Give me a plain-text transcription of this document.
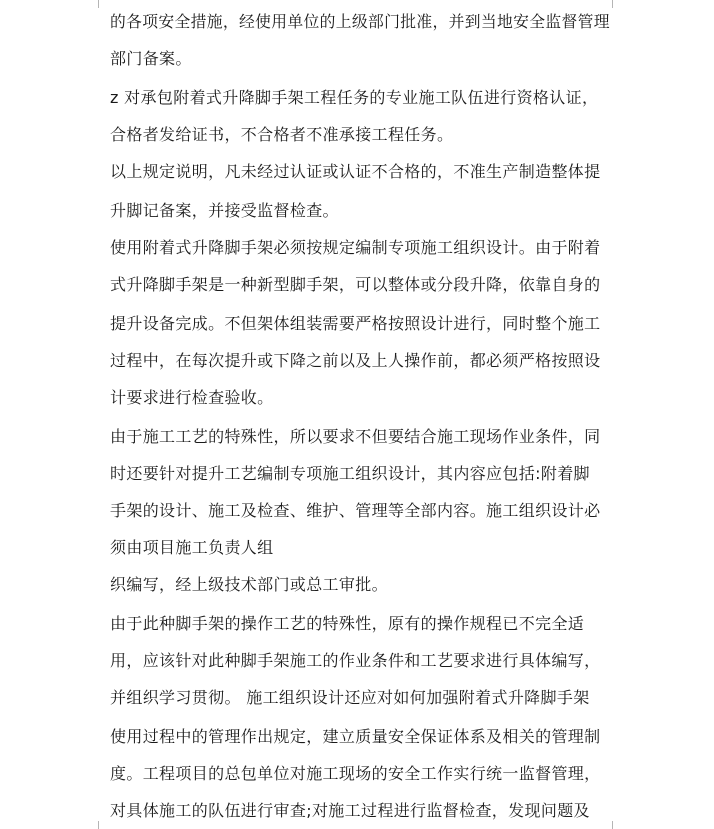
的各项安全措施，经使用单位的上级部门批准，并到当地安全监督管理
部门备案。
z 对承包附着式升降脚手架工程任务的专业施工队伍进行资格认证，
合格者发给证书，不合格者不准承接工程任务。
以上规定说明，凡未经过认证或认证不合格的，不准生产制造整体提
升脚记备案，并接受监督检查。
使用附着式升降脚手架必须按规定编制专项施工组织设计。由于附着
式升降脚手架是一种新型脚手架，可以整体或分段升降，依靠自身的
提升设备完成。不但架体组装需要严格按照设计进行，同时整个施工
过程中，在每次提升或下降之前以及上人操作前，都必须严格按照设
计要求进行检查验收。
由于施工工艺的特殊性，所以要求不但要结合施工现场作业条件，同
时还要针对提升工艺编制专项施工组织设计，其内容应包括:附着脚
手架的设计、施工及检查、维护、管理等全部内容。施工组织设计必
须由项目施工负责人组
织编写，经上级技术部门或总工审批。
由于此种脚手架的操作工艺的特殊性，原有的操作规程已不完全适
用，应该针对此种脚手架施工的作业条件和工艺要求进行具体编写，
并组织学习贯彻。 施工组织设计还应对如何加强附着式升降脚手架
使用过程中的管理作出规定，建立质量安全保证体系及相关的管理制
度。工程项目的总包单位对施工现场的安全工作实行统一监督管理，
对具体施工的队伍进行审查;对施工过程进行监督检查，发现问题及
